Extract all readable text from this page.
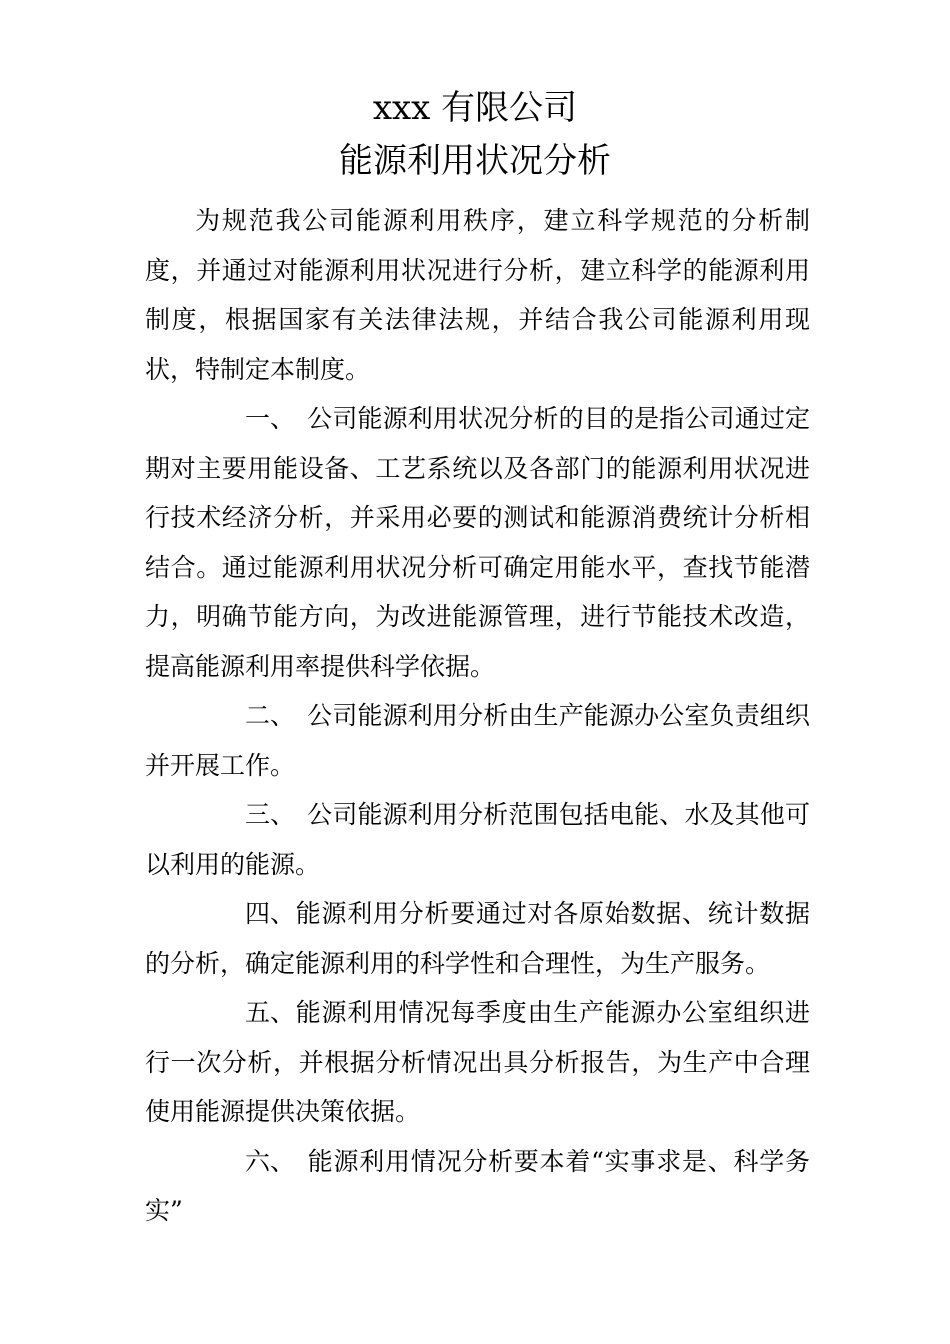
xxx 有限公司
能源利用状况分析

为规范我公司能源利用秩序，建立科学规范的分析制度，并通过对能源利用状况进行分析，建立科学的能源利用制度，根据国家有关法律法规，并结合我公司能源利用现状，特制定本制度。

一、 公司能源利用状况分析的目的是指公司通过定期对主要用能设备、工艺系统以及各部门的能源利用状况进行技术经济分析，并采用必要的测试和能源消费统计分析相结合。通过能源利用状况分析可确定用能水平，查找节能潜力，明确节能方向，为改进能源管理，进行节能技术改造，提高能源利用率提供科学依据。

二、 公司能源利用分析由生产能源办公室负责组织并开展工作。

三、 公司能源利用分析范围包括电能、水及其他可以利用的能源。

四、能源利用分析要通过对各原始数据、统计数据的分析，确定能源利用的科学性和合理性，为生产服务。

五、能源利用情况每季度由生产能源办公室组织进行一次分析，并根据分析情况出具分析报告，为生产中合理使用能源提供决策依据。

六、 能源利用情况分析要本着“实事求是、科学务实”
